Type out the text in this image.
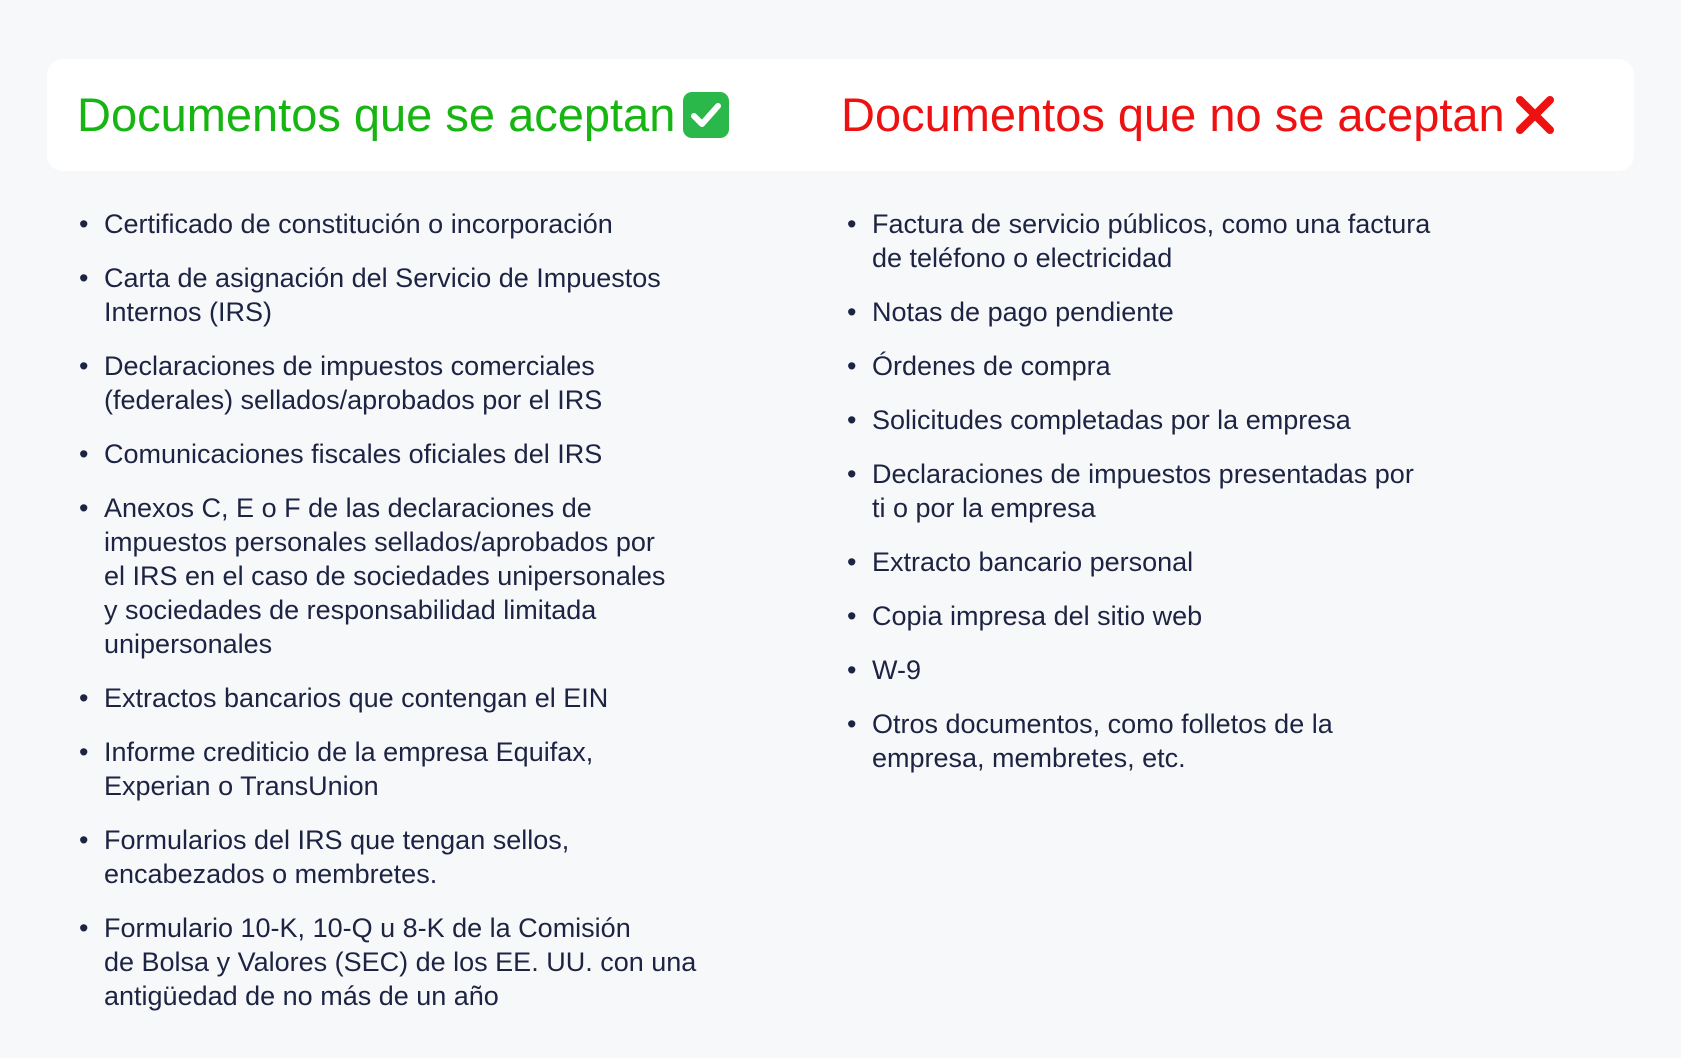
Documentos que se aceptan	Documentos que no se aceptan
• Certificado de constitución o incorporación
• Carta de asignación del Servicio de Impuestos
Internos (IRS)
• Declaraciones de impuestos comerciales
(federales) sellados/aprobados por el IRS
• Comunicaciones fiscales oficiales del IRS
• Anexos C, E o F de las declaraciones de
impuestos personales sellados/aprobados por
el IRS en el caso de sociedades unipersonales
y sociedades de responsabilidad limitada
unipersonales
• Extractos bancarios que contengan el EIN
• Informe crediticio de la empresa Equifax,
Experian o TransUnion
• Formularios del IRS que tengan sellos,
encabezados o membretes.
• Formulario 10-K, 10-Q u 8-K de la Comisión
de Bolsa y Valores (SEC) de los EE. UU. con una
antigüedad de no más de un año
• Factura de servicio públicos, como una factura
de teléfono o electricidad
• Notas de pago pendiente
• Órdenes de compra
• Solicitudes completadas por la empresa
• Declaraciones de impuestos presentadas por
ti o por la empresa
• Extracto bancario personal
• Copia impresa del sitio web
• W-9
• Otros documentos, como folletos de la
empresa, membretes, etc.
